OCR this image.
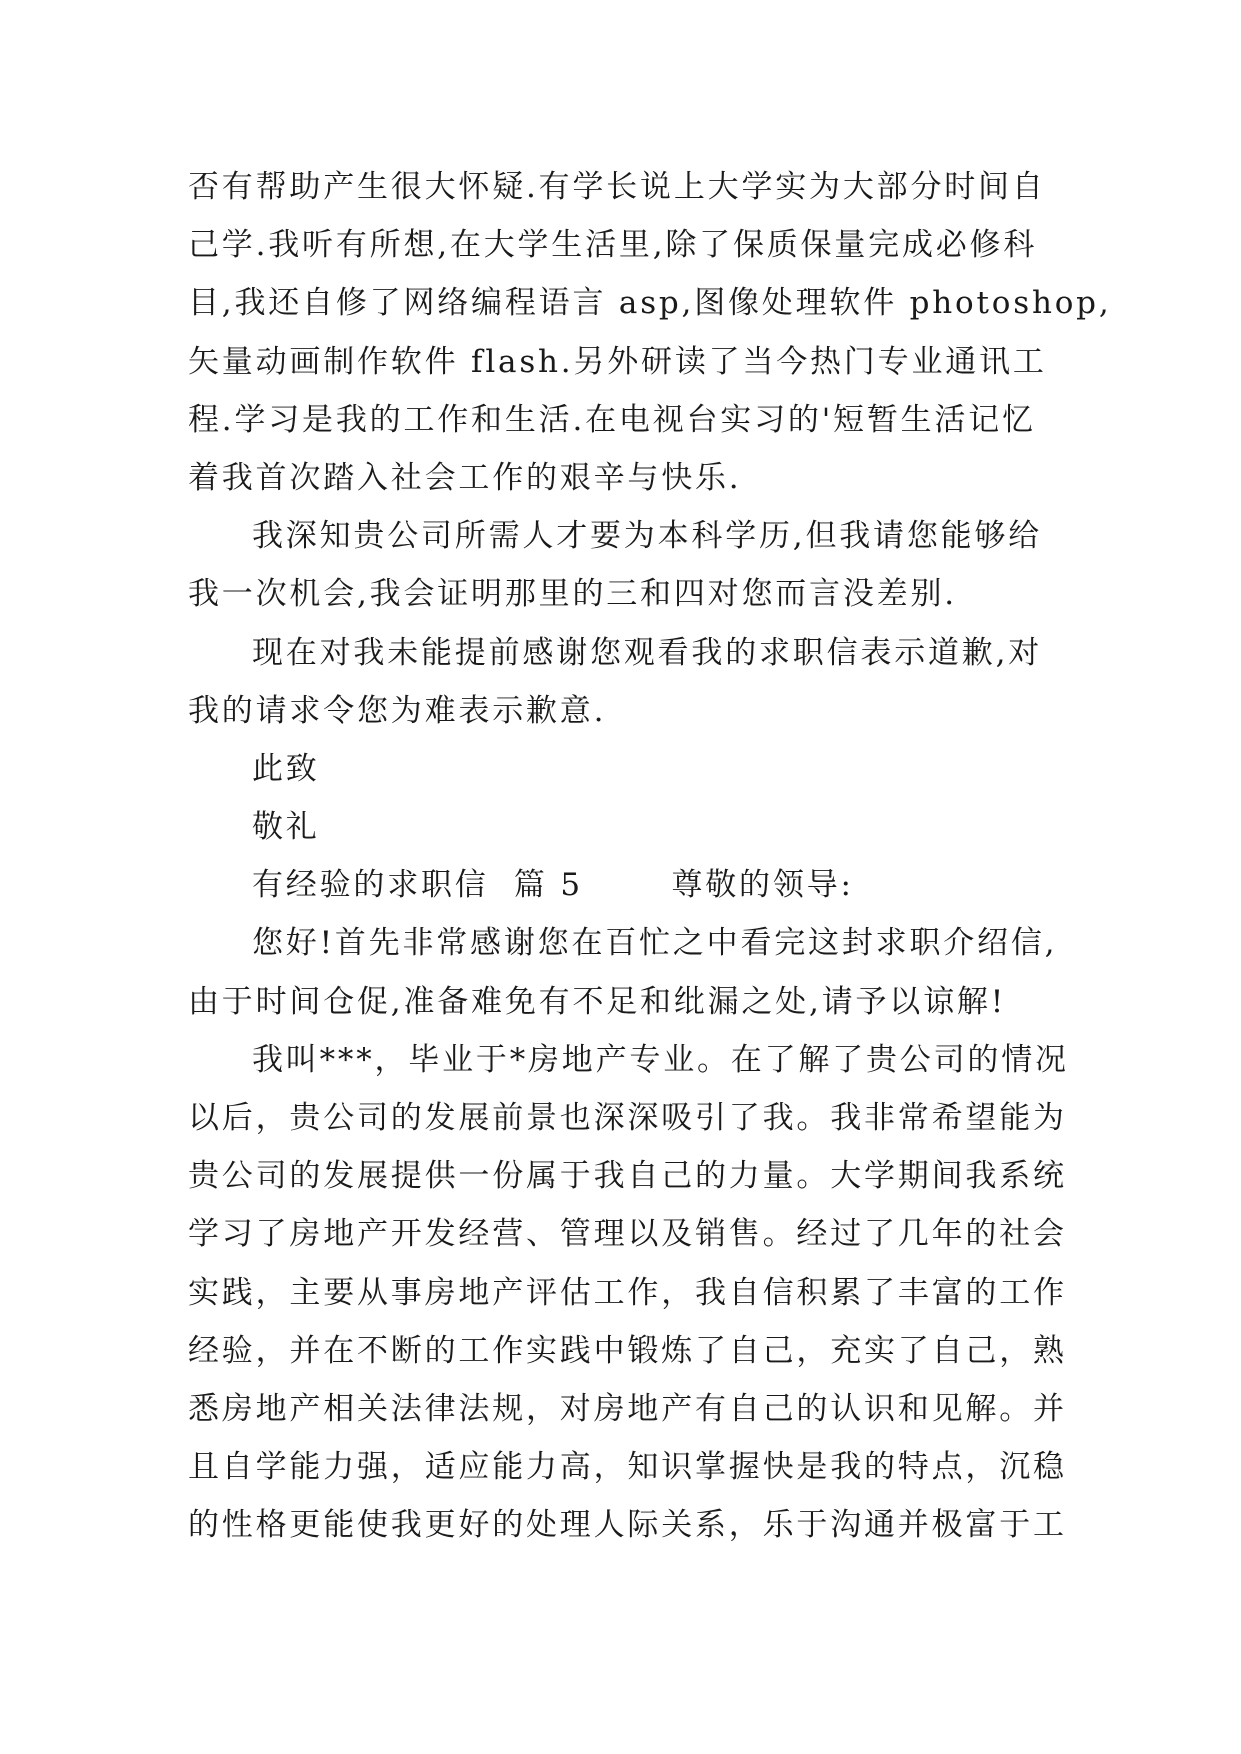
否有帮助产生很大怀疑.有学长说上大学实为大部分时间自
己学.我听有所想,在大学生活里,除了保质保量完成必修科
目,我还自修了网络编程语言 asp,图像处理软件 photoshop,
矢量动画制作软件 flash.另外研读了当今热门专业通讯工
程.学习是我的工作和生活.在电视台实习的'短暂生活记忆
着我首次踏入社会工作的艰辛与快乐.
我深知贵公司所需人才要为本科学历,但我请您能够给
我一次机会,我会证明那里的三和四对您而言没差别.
现在对我未能提前感谢您观看我的求职信表示道歉,对
我的请求令您为难表示歉意.
此致
敬礼
有经验的求职信  篇 5       尊敬的领导:
您好!首先非常感谢您在百忙之中看完这封求职介绍信,
由于时间仓促,准备难免有不足和纰漏之处,请予以谅解!
我叫***，毕业于*房地产专业。在了解了贵公司的情况
以后，贵公司的发展前景也深深吸引了我。我非常希望能为
贵公司的发展提供一份属于我自己的力量。大学期间我系统
学习了房地产开发经营、管理以及销售。经过了几年的社会
实践，主要从事房地产评估工作，我自信积累了丰富的工作
经验，并在不断的工作实践中锻炼了自己，充实了自己，熟
悉房地产相关法律法规，对房地产有自己的认识和见解。并
且自学能力强，适应能力高，知识掌握快是我的特点，沉稳
的性格更能使我更好的处理人际关系，乐于沟通并极富于工
